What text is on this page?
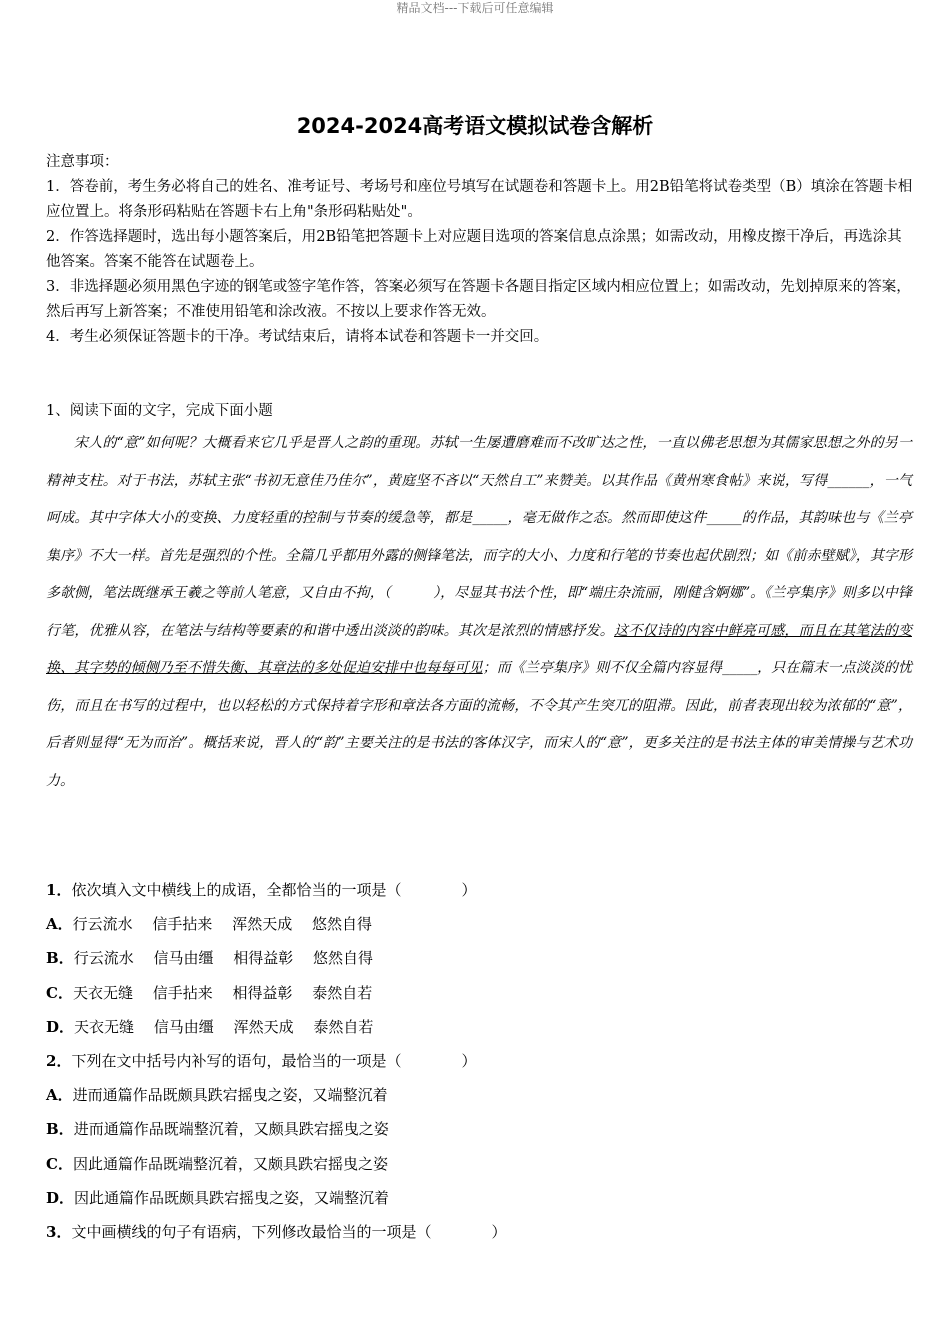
精品文档---下载后可任意编辑
2024-2024高考语文模拟试卷含解析

注意事项：

1．答卷前，考生务必将自己的姓名、准考证号、考场号和座位号填写在试题卷和答题卡上。用2B铅笔将试卷类型（B）填涂在答题卡相应位置上。将条形码粘贴在答题卡右上角"条形码粘贴处"。

2．作答选择题时，选出每小题答案后，用2B铅笔把答题卡上对应题目选项的答案信息点涂黑；如需改动，用橡皮擦干净后，再选涂其他答案。答案不能答在试题卷上。

3．非选择题必须用黑色字迹的钢笔或签字笔作答，答案必须写在答题卡各题目指定区域内相应位置上；如需改动，先划掉原来的答案，然后再写上新答案；不准使用铅笔和涂改液。不按以上要求作答无效。

4．考生必须保证答题卡的干净。考试结束后，请将本试卷和答题卡一并交回。

1、阅读下面的文字，完成下面小题

宋人的“意”如何呢？大概看来它几乎是晋人之韵的重现。苏轼一生屡遭磨难而不改旷达之性，一直以佛老思想为其儒家思想之外的另一精神支柱。对于书法，苏轼主张“书初无意佳乃佳尔”，黄庭坚不吝以“天然自工”来赞美。以其作品《黄州寒食帖》来说，写得______，一气呵成。其中字体大小的变换、力度轻重的控制与节奏的缓急等，都是_____，毫无做作之态。然而即使这件_____的作品，其韵味也与《兰亭集序》不大一样。首先是强烈的个性。全篇几乎都用外露的侧锋笔法，而字的大小、力度和行笔的节奏也起伏剧烈；如《前赤壁赋》，其字形多欹侧，笔法既继承王羲之等前人笔意，又自由不拘，（　　　），尽显其书法个性，即“端庄杂流丽，刚健含婀娜”。《兰亭集序》则多以中锋行笔，优雅从容，在笔法与结构等要素的和谐中透出淡淡的韵味。其次是浓烈的情感抒发。这不仅诗的内容中鲜亮可感，而且在其笔法的变换、其字势的倾侧乃至不惜失衡、其章法的多处促迫安排中也每每可见；而《兰亭集序》则不仅全篇内容显得_____，只在篇末一点淡淡的忧伤，而且在书写的过程中，也以轻松的方式保持着字形和章法各方面的流畅，不令其产生突兀的阻滞。因此，前者表现出较为浓郁的“意”，后者则显得“无为而治”。概括来说，晋人的“韵”主要关注的是书法的客体汉字，而宋人的“意”，更多关注的是书法主体的审美情操与艺术功力。

1．依次填入文中横线上的成语，全都恰当的一项是（　　　　）
A．行云流水　 信手拈来　 浑然天成　 悠然自得
B．行云流水　 信马由缰　 相得益彰　 悠然自得
C．天衣无缝　 信手拈来　 相得益彰　 泰然自若
D．天衣无缝　 信马由缰　 浑然天成　 泰然自若
2．下列在文中括号内补写的语句，最恰当的一项是（　　　　）
A．进而通篇作品既颇具跌宕摇曳之姿，又端整沉着
B．进而通篇作品既端整沉着，又颇具跌宕摇曳之姿
C．因此通篇作品既端整沉着，又颇具跌宕摇曳之姿
D．因此通篇作品既颇具跌宕摇曳之姿，又端整沉着
3．文中画横线的句子有语病，下列修改最恰当的一项是（　　　　）
